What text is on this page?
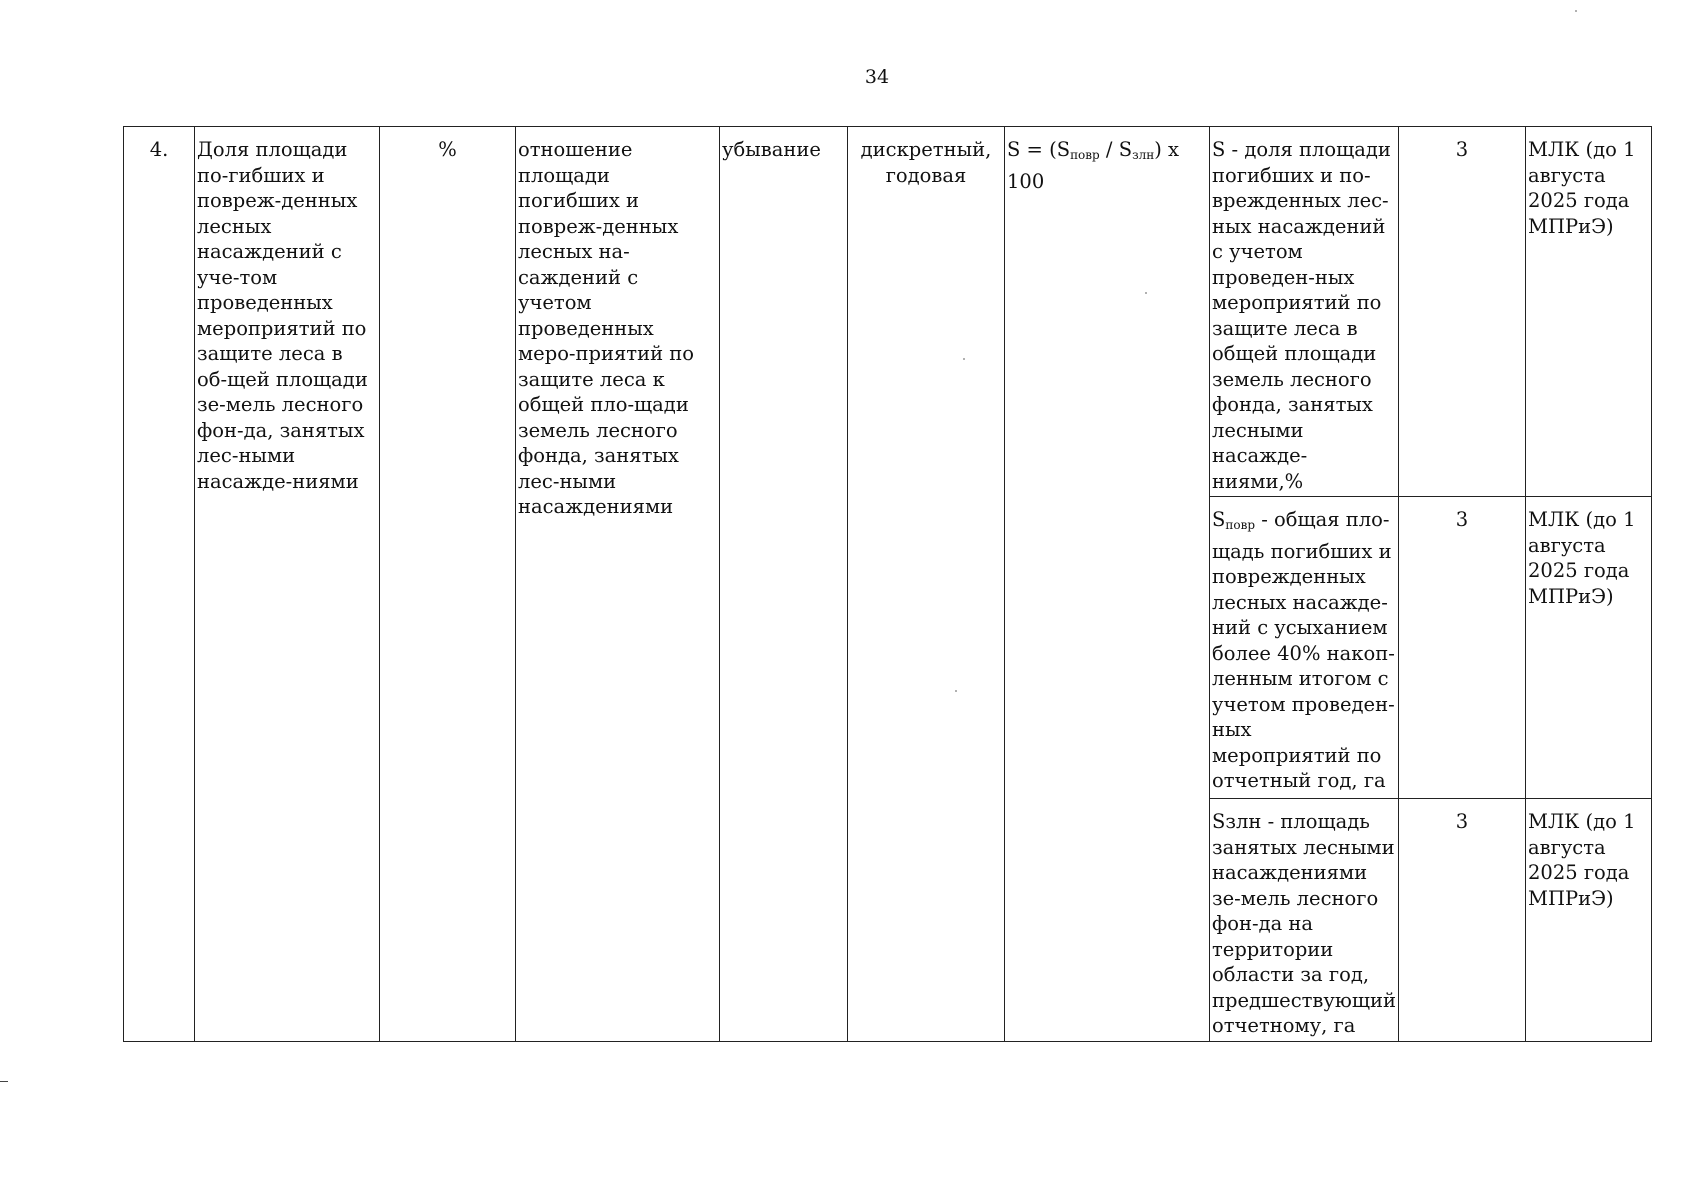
34
4.	Доля площади по-гибших и повреж-денных лесных насаждений с уче-том проведенных мероприятий по защите леса в об-щей площади зе-мель лесного фон-да, занятых лес-ными насажде-ниями	%	отношение площади погибших и повреж-денных лесных на-саждений с учетом проведенных меро-приятий по защите леса к общей пло-щади земель лесного фонда, занятых лес-ными насаждениями	убывание	дискретный, годовая	$S = (S_{повр} / S_{злн})$ x 100	S - доля площади погибших и по-врежденных лес-ных насаждений с учетом проведен-ных мероприятий по защите леса в общей площади земель лесного фонда, занятых лесными насажде-ниями,%	3	МЛК (до 1 августа 2025 года МПРиЭ)
							$S_{повр}$ - общая пло-щадь погибших и поврежденных лесных насажде-ний с усыханием более 40% накоп-ленным итогом с учетом проведен-ных мероприятий по отчетный год, га	3	МЛК (до 1 августа 2025 года МПРиЭ)
							Sзлн - площадь занятых лесными насаждениями зе-мель лесного фон-да на территории области за год, предшествующий отчетному, га	3	МЛК (до 1 августа 2025 года МПРиЭ)
